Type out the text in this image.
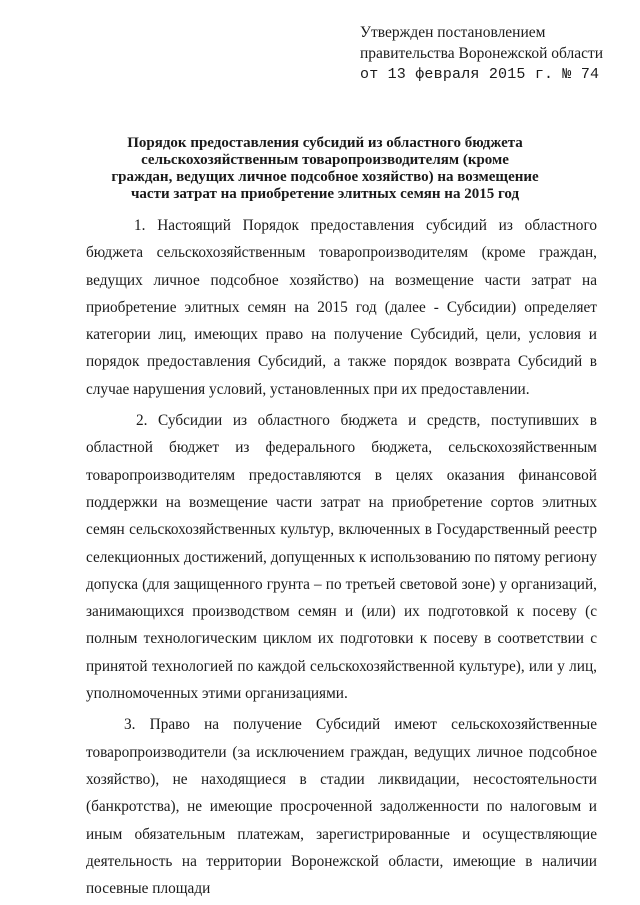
Утвержден постановлением
правительства Воронежской области
от 13 февраля 2015 г. № 74
Порядок предоставления субсидий из областного бюджета сельскохозяйственным товаропроизводителям (кроме граждан, ведущих личное подсобное хозяйство) на возмещение части затрат на приобретение элитных семян на 2015 год

1. Настоящий Порядок предоставления субсидий из областного бюджета сельскохозяйственным товаропроизводителям (кроме граждан, ведущих личное подсобное хозяйство) на возмещение части затрат на приобретение элитных семян на 2015 год (далее - Субсидии) определяет категории лиц, имеющих право на получение Субсидий, цели, условия и порядок предоставления Субсидий, а также порядок возврата Субсидий в случае нарушения условий, установленных при их предоставлении.

2. Субсидии из областного бюджета и средств, поступивших в областной бюджет из федерального бюджета, сельскохозяйственным товаропроизводителям предоставляются в целях оказания финансовой поддержки на возмещение части затрат на приобретение сортов элитных семян сельскохозяйственных культур, включенных в Государственный реестр селекционных достижений, допущенных к использованию по пятому региону допуска (для защищенного грунта – по третьей световой зоне) у организаций, занимающихся производством семян и (или) их подготовкой к посеву (с полным технологическим циклом их подготовки к посеву в соответствии с принятой технологией по каждой сельскохозяйственной культуре), или у лиц, уполномоченных этими организациями.

3. Право на получение Субсидий имеют сельскохозяйственные товаропроизводители (за исключением граждан, ведущих личное подсобное хозяйство), не находящиеся в стадии ликвидации, несостоятельности (банкротства), не имеющие просроченной задолженности по налоговым и иным обязательным платежам, зарегистрированные и осуществляющие деятельность на территории Воронежской области, имеющие в наличии посевные площади
